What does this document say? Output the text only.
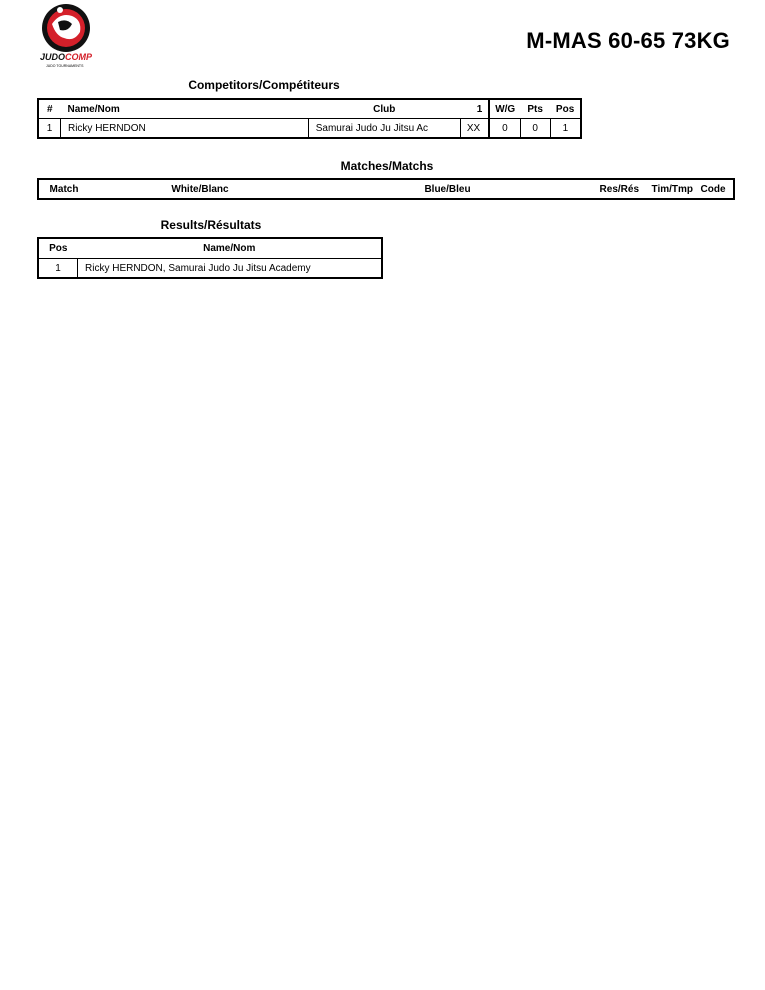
JUDOCOMP
JUDO TOURNAMENTS
M-MAS 60-65 73KG
Competitors/Compétiteurs
#	Name/Nom	Club	1	W/G	Pts	Pos
1	Ricky HERNDON	Samurai Judo Ju Jitsu Ac	XX	0	0	1
Matches/Matchs
Match	White/Blanc	Blue/Bleu	Res/Rés	Tim/Tmp	Code
Results/Résultats
Pos	Name/Nom
1	Ricky HERNDON, Samurai Judo Ju Jitsu Academy
